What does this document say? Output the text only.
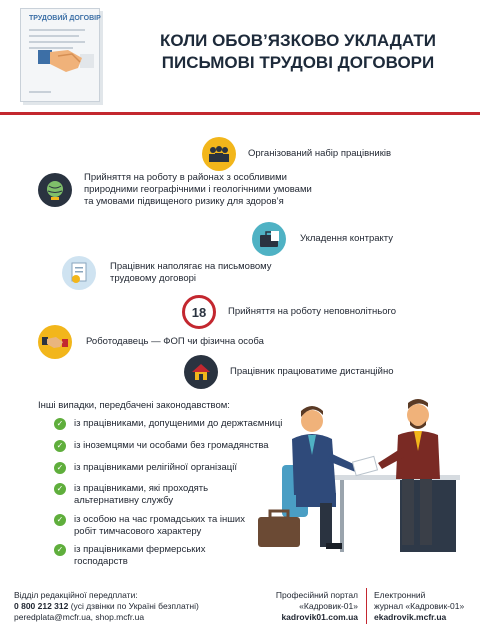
ТРУДОВИЙ ДОГОВІР
КОЛИ ОБОВ’ЯЗКОВО УКЛАДАТИ
ПИСЬМОВІ ТРУДОВІ ДОГОВОРИ
Організований набір працівників
Прийняття на роботу в районах з особливими
природними географічними і геологічними умовами
та умовами підвищеного ризику для здоров’я
Укладення контракту
Працівник наполягає на письмовому
трудовому договорі
18 Прийняття на роботу неповнолітнього
Роботодавець — ФОП чи фізична особа
Працівник працюватиме дистанційно
Інші випадки, передбачені законодавством:
✓ із працівниками, допущеними до держтаємниці
✓ із іноземцями чи особами без громадянства
✓ із працівниками релігійної організації
✓ із працівниками, які проходять
альтернативну службу
✓ із особою на час громадських та інших
робіт тимчасового характеру
✓ із працівниками фермерських
господарств
Відділ редакційної передплати:
0 800 212 312 (усі дзвінки по Україні безплатні)
peredplata@mcfr.ua, shop.mcfr.ua
Професійний портал
«Кадровик-01»
kadrovik01.com.ua
Електронний
журнал «Кадровик-01»
ekadrovik.mcfr.ua
